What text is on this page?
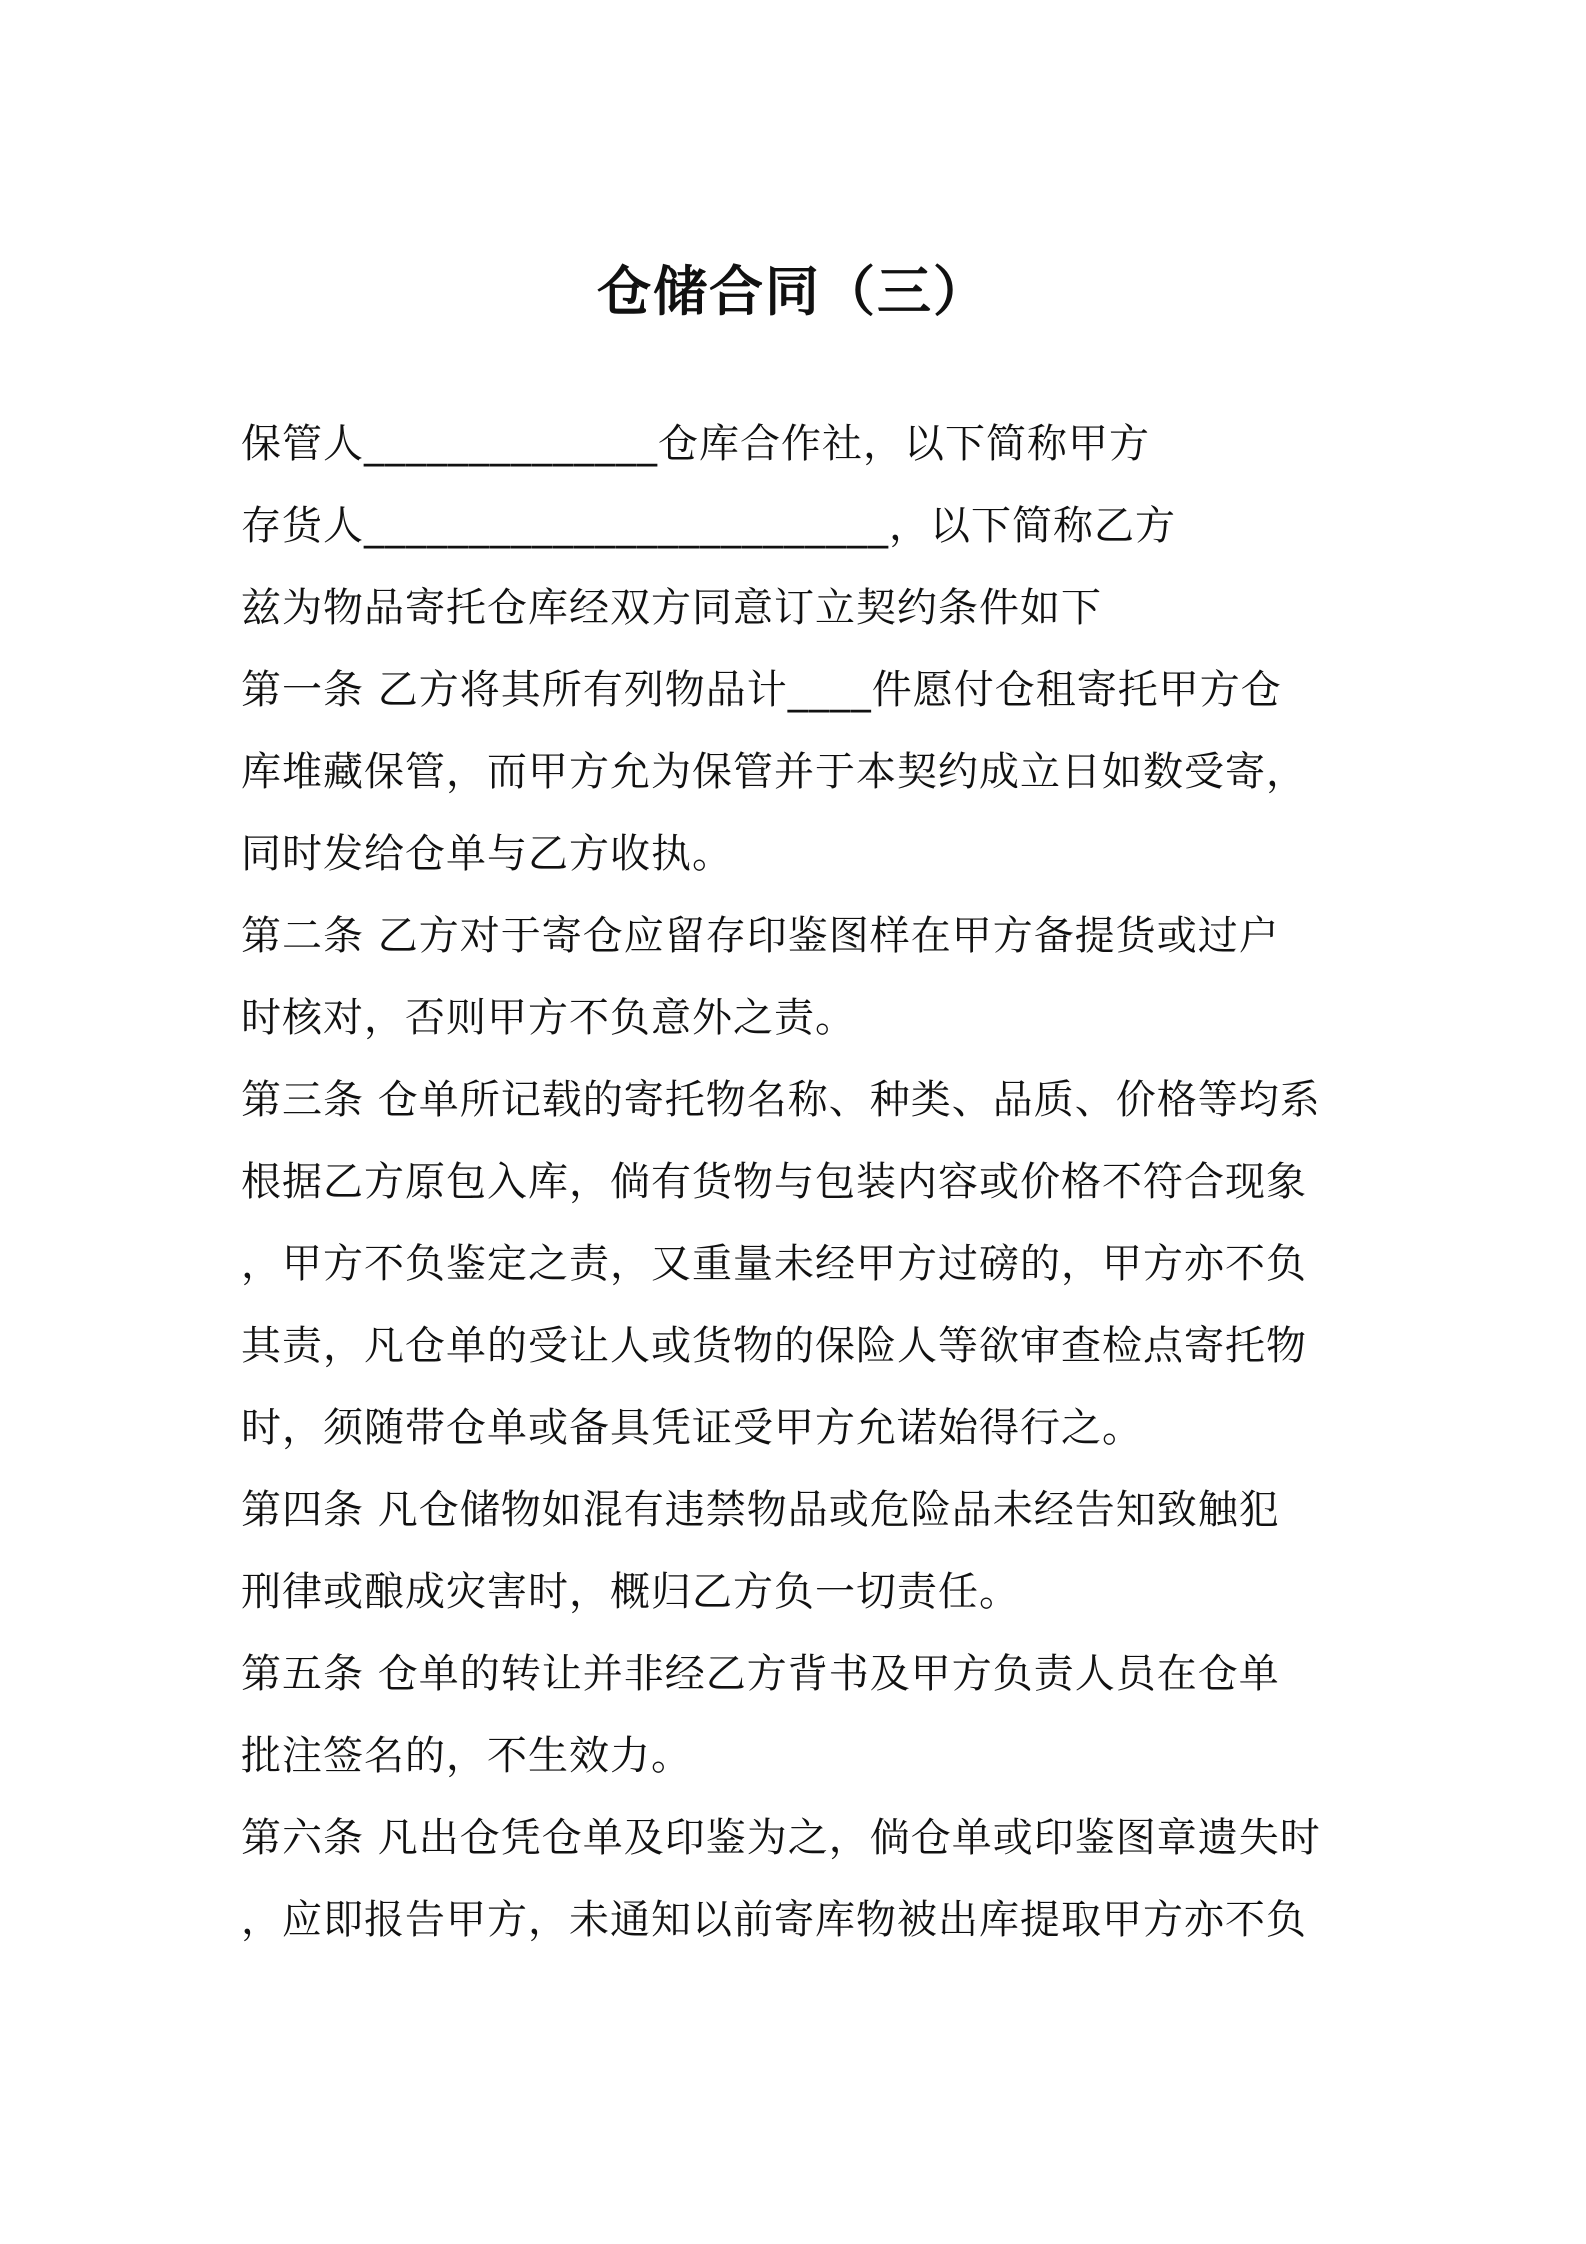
仓储合同（三）
保管人______________仓库合作社，以下简称甲方
存货人_________________________，以下简称乙方
兹为物品寄托仓库经双方同意订立契约条件如下
第一条 乙方将其所有列物品计____件愿付仓租寄托甲方仓
库堆藏保管，而甲方允为保管并于本契约成立日如数受寄，
同时发给仓单与乙方收执。
第二条 乙方对于寄仓应留存印鉴图样在甲方备提货或过户
时核对，否则甲方不负意外之责。
第三条 仓单所记载的寄托物名称、种类、品质、价格等均系
根据乙方原包入库，倘有货物与包装内容或价格不符合现象
，甲方不负鉴定之责，又重量未经甲方过磅的，甲方亦不负
其责，凡仓单的受让人或货物的保险人等欲审查检点寄托物
时，须随带仓单或备具凭证受甲方允诺始得行之。
第四条 凡仓储物如混有违禁物品或危险品未经告知致触犯
刑律或酿成灾害时，概归乙方负一切责任。
第五条 仓单的转让并非经乙方背书及甲方负责人员在仓单
批注签名的，不生效力。
第六条 凡出仓凭仓单及印鉴为之，倘仓单或印鉴图章遗失时
，应即报告甲方，未通知以前寄库物被出库提取甲方亦不负
